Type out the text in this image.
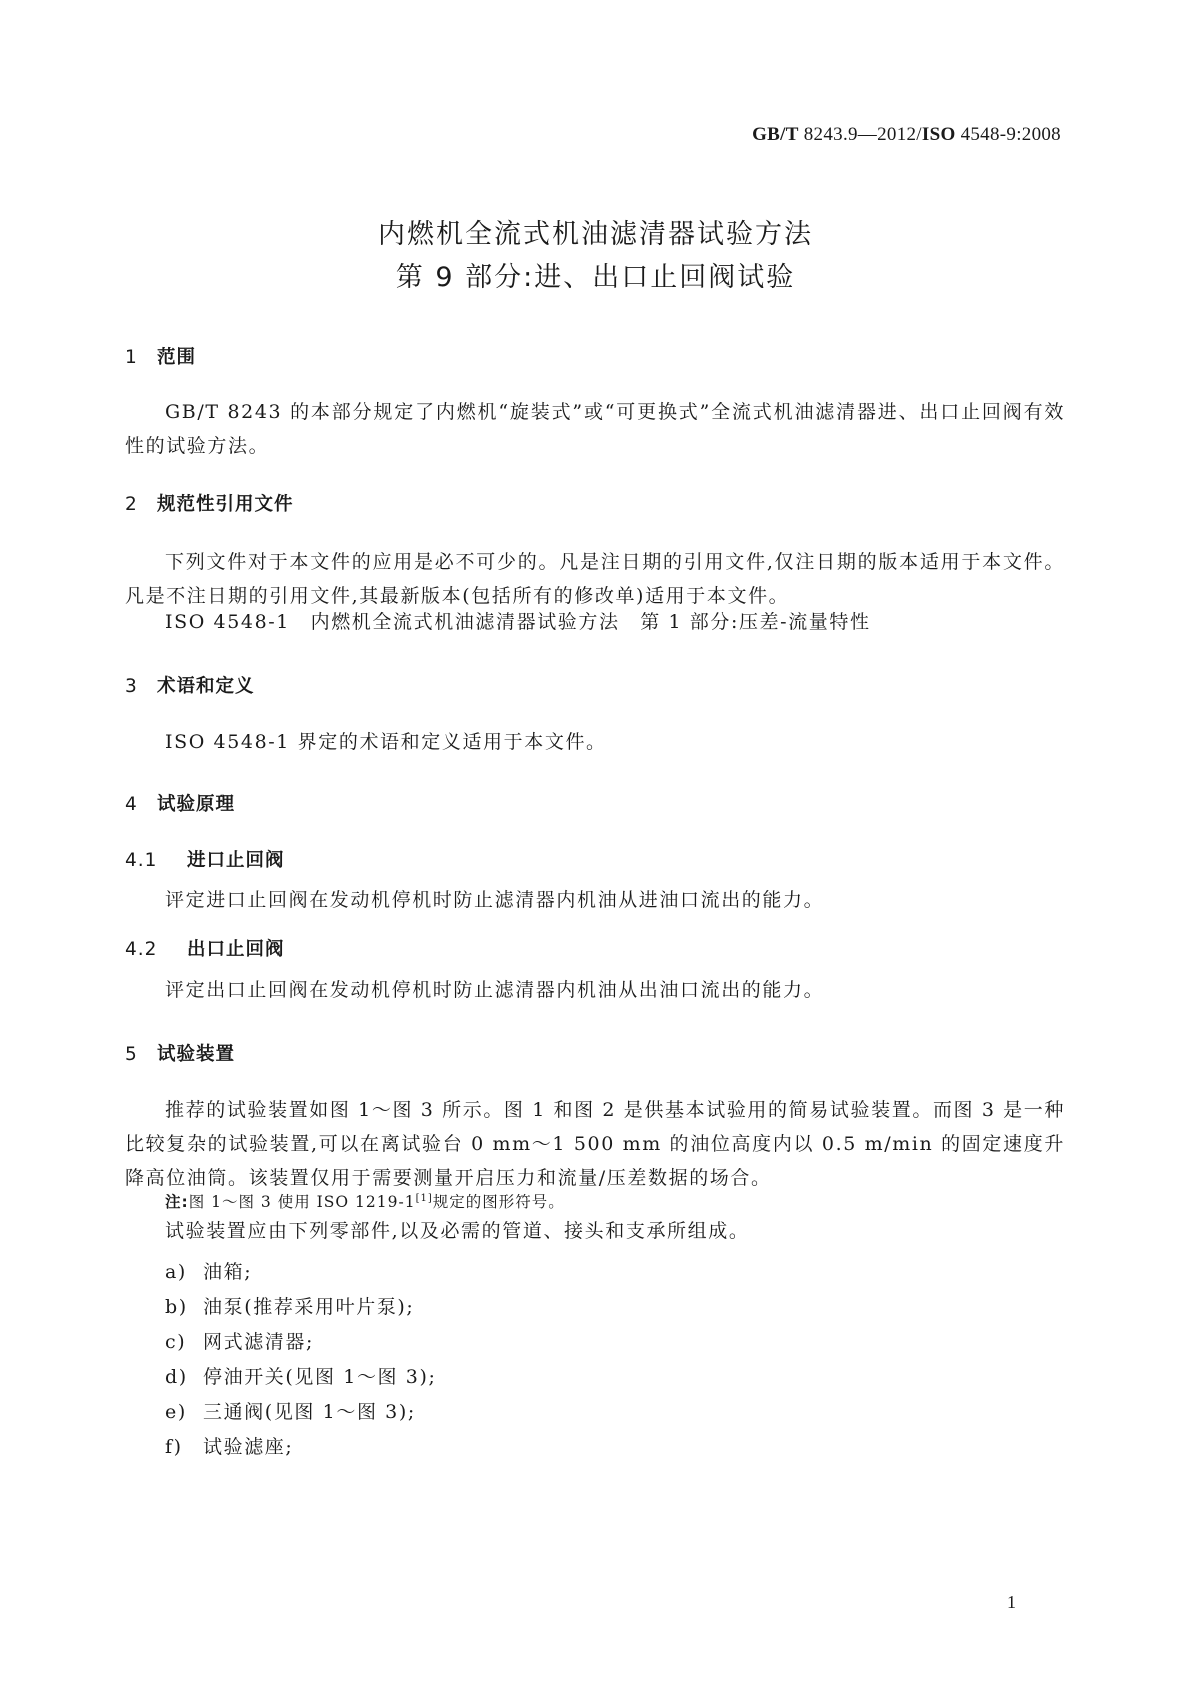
GB/T 8243.9—2012/ISO 4548-9:2008
内燃机全流式机油滤清器试验方法
第 9 部分:进、出口止回阀试验
1 范围
GB/T 8243 的本部分规定了内燃机“旋装式”或“可更换式”全流式机油滤清器进、出口止回阀有效性的试验方法。
2 规范性引用文件
下列文件对于本文件的应用是必不可少的。凡是注日期的引用文件,仅注日期的版本适用于本文件。凡是不注日期的引用文件,其最新版本(包括所有的修改单)适用于本文件。
ISO 4548-1　内燃机全流式机油滤清器试验方法　第 1 部分:压差-流量特性
3 术语和定义
ISO 4548-1 界定的术语和定义适用于本文件。
4 试验原理
4.1 进口止回阀
评定进口止回阀在发动机停机时防止滤清器内机油从进油口流出的能力。
4.2 出口止回阀
评定出口止回阀在发动机停机时防止滤清器内机油从出油口流出的能力。
5 试验装置
推荐的试验装置如图 1～图 3 所示。图 1 和图 2 是供基本试验用的简易试验装置。而图 3 是一种比较复杂的试验装置,可以在离试验台 0 mm～1 500 mm 的油位高度内以 0.5 m/min 的固定速度升降高位油筒。该装置仅用于需要测量开启压力和流量/压差数据的场合。
注:图 1～图 3 使用 ISO 1219-1[1]规定的图形符号。
试验装置应由下列零部件,以及必需的管道、接头和支承所组成。
a) 油箱;
b) 油泵(推荐采用叶片泵);
c) 网式滤清器;
d) 停油开关(见图 1～图 3);
e) 三通阀(见图 1～图 3);
f) 试验滤座;
1
